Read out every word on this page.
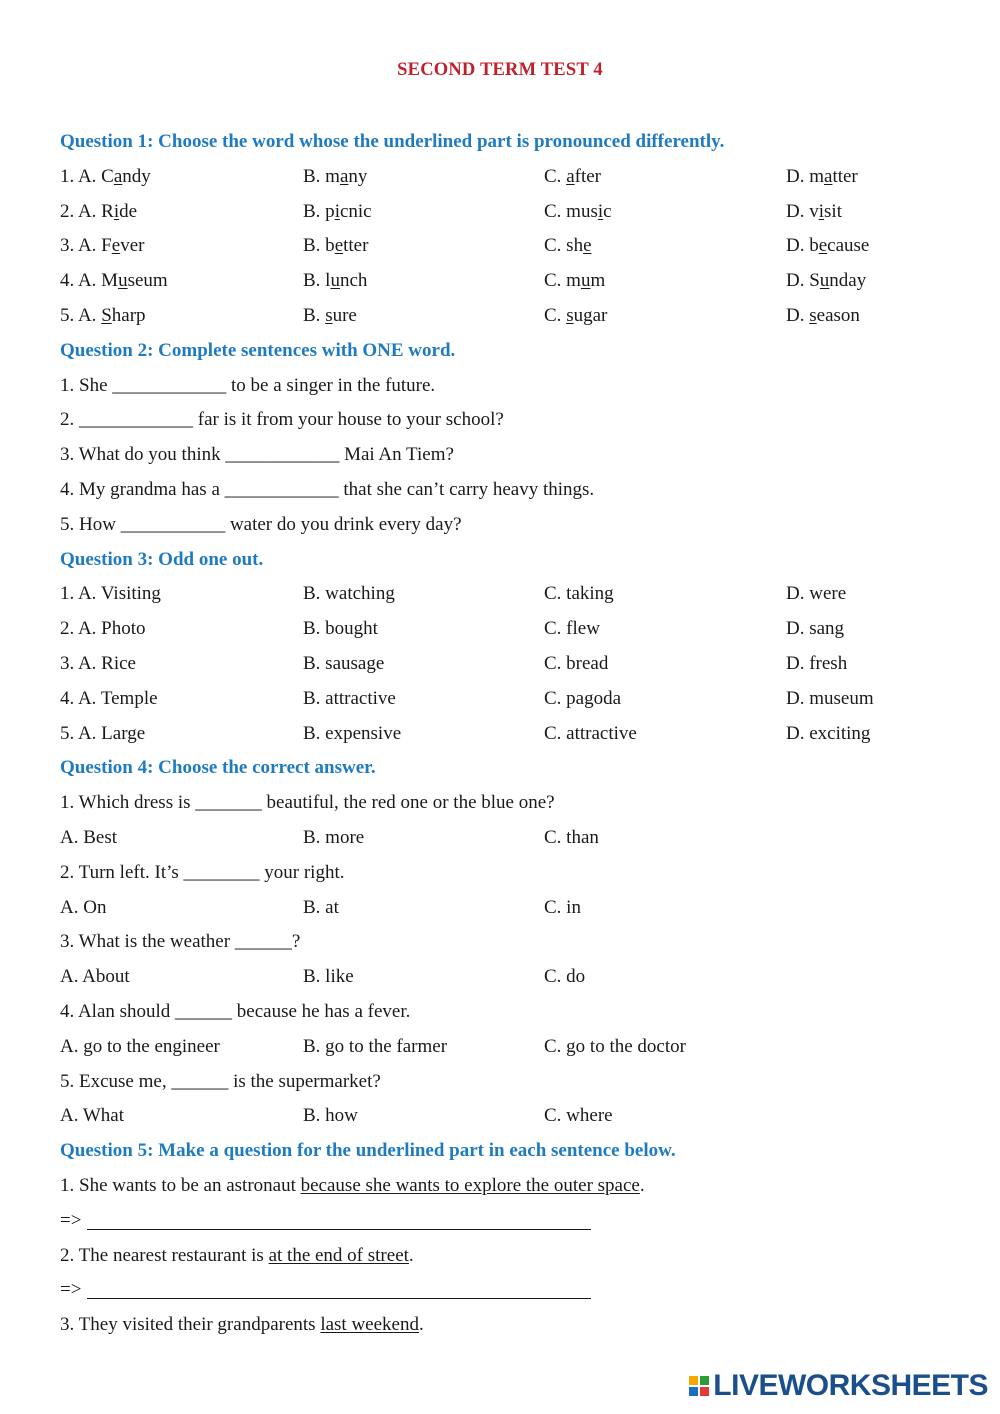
SECOND TERM TEST 4
Question 1: Choose the word whose the underlined part is pronounced differently.
1. A. Candy	B. many	C. after	D. matter
2. A. Ride	B. picnic	C. music	D. visit
3. A. Fever	B. better	C. she	D. because
4. A. Museum	B. lunch	C. mum	D. Sunday
5. A. Sharp	B. sure	C. sugar	D. season
Question 2: Complete sentences with ONE word.
1. She ____________ to be a singer in the future.
2. ____________ far is it from your house to your school?
3. What do you think ____________ Mai An Tiem?
4. My grandma has a ____________ that she can’t carry heavy things.
5. How ___________ water do you drink every day?
Question 3: Odd one out.
1. A. Visiting	B. watching	C. taking	D. were
2. A. Photo	B. bought	C. flew	D. sang
3. A. Rice	B. sausage	C. bread	D. fresh
4. A. Temple	B. attractive	C. pagoda	D. museum
5. A. Large	B. expensive	C. attractive	D. exciting
Question 4: Choose the correct answer.
1. Which dress is _______ beautiful, the red one or the blue one?
A. Best	B. more	C. than
2. Turn left. It’s ________ your right.
A. On	B. at	C. in
3. What is the weather ______?
A. About	B. like	C. do
4. Alan should ______ because he has a fever.
A. go to the engineer	B. go to the farmer	C. go to the doctor
5. Excuse me, ______ is the supermarket?
A. What	B. how	C. where
Question 5: Make a question for the underlined part in each sentence below.
1. She wants to be an astronaut because she wants to explore the outer space.
=>
2. The nearest restaurant is at the end of street.
=>
3. They visited their grandparents last weekend.
LIVEWORKSHEETS
